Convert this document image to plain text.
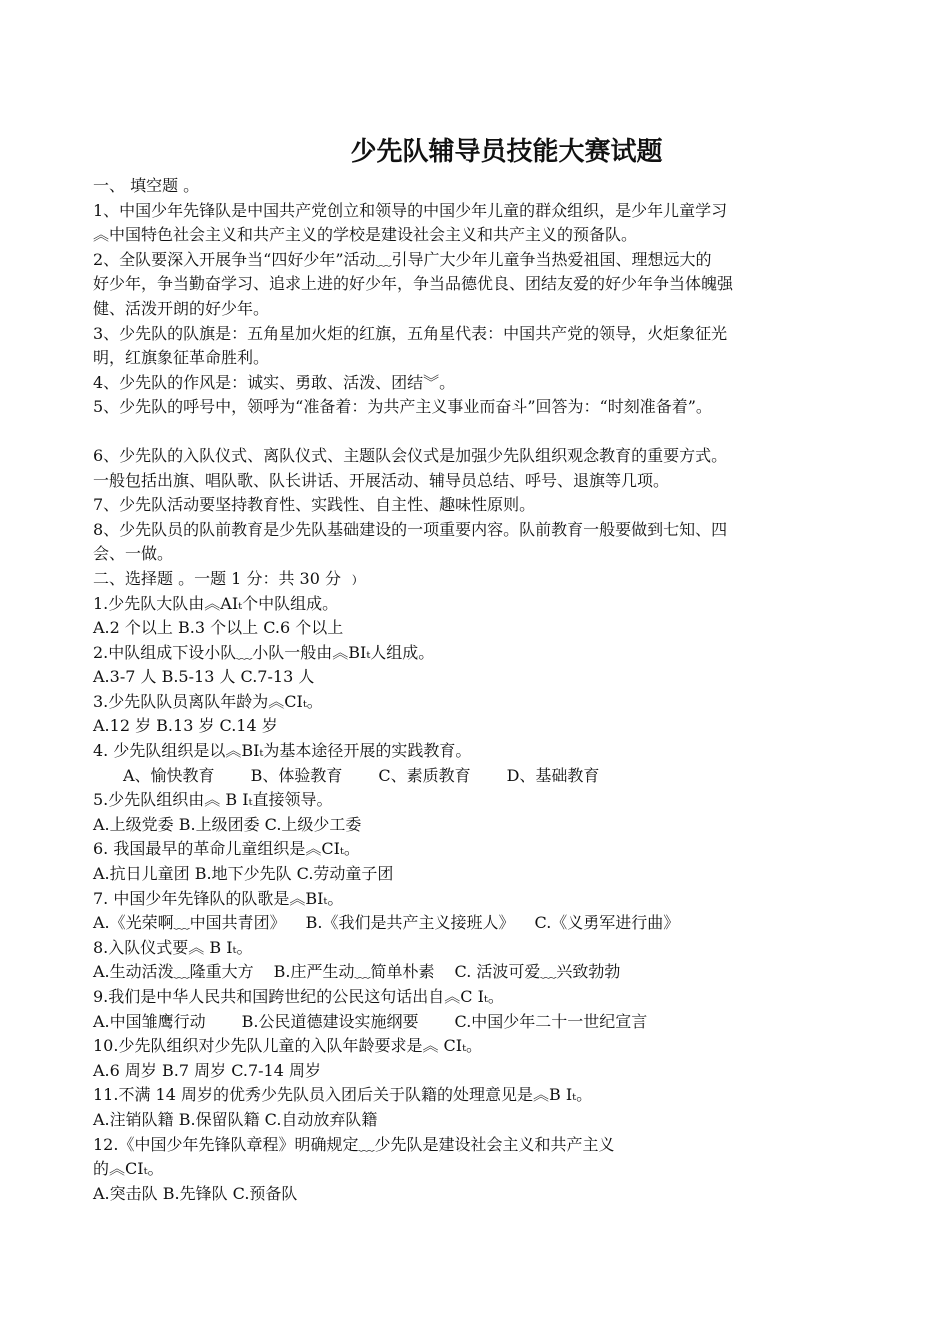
少先队辅导员技能大赛试题

一、 填空题 。

1、中国少年先锋队是中国共产党创立和领导的中国少年儿童的群众组织，是少年儿童学习

︽中国特色社会主义和共产主义的学校是建设社会主义和共产主义的预备队。

2、全队要深入开展争当“四好少年”活动﹏引导广大少年儿童争当热爱祖国、理想远大的

好少年，争当勤奋学习、追求上进的好少年，争当品德优良、团结友爱的好少年争当体魄强

健、活泼开朗的好少年。

3、少先队的队旗是：五角星加火炬的红旗，五角星代表：中国共产党的领导，火炬象征光

明，红旗象征革命胜利。

4、少先队的作风是：诚实、勇敢、活泼、团结︾。

5、少先队的呼号中，领呼为“准备着：为共产主义事业而奋斗”回答为：“时刻准备着”。

6、少先队的入队仪式、离队仪式、主题队会仪式是加强少先队组织观念教育的重要方式。

一般包括出旗、唱队歌、队长讲话、开展活动、辅导员总结、呼号、退旗等几项。

7、少先队活动要坚持教育性、实践性、自主性、趣味性原则。

8、少先队员的队前教育是少先队基础建设的一项重要内容。队前教育一般要做到七知、四

会、一做。

二、选择题 。一题 1 分：共 30 分 ﹚

1.少先队大队由︽AIₜ个中队组成。

A.2 个以上 B.3 个以上 C.6 个以上

2.中队组成下设小队﹏小队一般由︽BIₜ人组成。

A.3-7 人 B.5-13 人 C.7-13 人

3.少先队队员离队年龄为︽CIₜ。

A.12 岁 B.13 岁 C.14 岁

4. 少先队组织是以︽BIₜ为基本途径开展的实践教育。

A、愉快教育 B、体验教育 C、素质教育 D、基础教育

5.少先队组织由︽ B Iₜ直接领导。

A.上级党委 B.上级团委 C.上级少工委

6. 我国最早的革命儿童组织是︽CIₜ。

A.抗日儿童团 B.地下少先队 C.劳动童子团

7. 中国少年先锋队的队歌是︽BIₜ。

A.《光荣啊﹏中国共青团》 B.《我们是共产主义接班人》 C.《义勇军进行曲》

8.入队仪式要︽ B Iₜ。

A.生动活泼﹏隆重大方 B.庄严生动﹏简单朴素 C. 活波可爱﹏兴致勃勃

9.我们是中华人民共和国跨世纪的公民这句话出自︽C Iₜ。

A.中国雏鹰行动 B.公民道德建设实施纲要 C.中国少年二十一世纪宣言

10.少先队组织对少先队儿童的入队年龄要求是︽ CIₜ。

A.6 周岁 B.7 周岁 C.7-14 周岁

11.不满 14 周岁的优秀少先队员入团后关于队籍的处理意见是︽B Iₜ。

A.注销队籍 B.保留队籍 C.自动放弃队籍

12.《中国少年先锋队章程》明确规定﹏少先队是建设社会主义和共产主义

的︽CIₜ。

A.突击队 B.先锋队 C.预备队
